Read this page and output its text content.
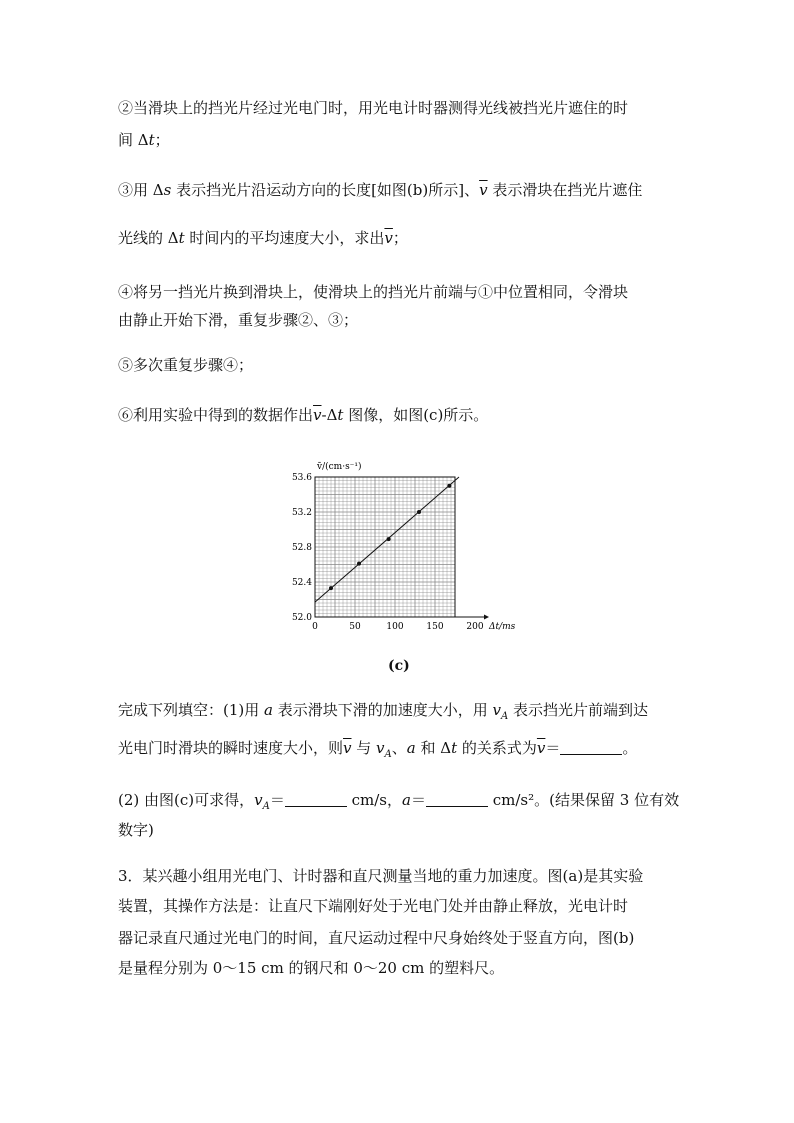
②当滑块上的挡光片经过光电门时，用光电计时器测得光线被挡光片遮住的时
间 Δt；
③用 Δs 表示挡光片沿运动方向的长度[如图(b)所示]、$\overline{v}$ 表示滑块在挡光片遮住
光线的 Δt 时间内的平均速度大小，求出$\overline{v}$；
④将另一挡光片换到滑块上，使滑块上的挡光片前端与①中位置相同，令滑块
由静止开始下滑，重复步骤②、③；
⑤多次重复步骤④；
⑥利用实验中得到的数据作出$\overline{v}-\Delta t$ 图像，如图(c)所示。
0	50	100	150	200
52.0
52.4
52.8
53.2
53.6
v̄/(cm·s⁻¹)
Δt/ms
(c)
完成下列填空：(1)用 a 表示滑块下滑的加速度大小，用 $v_A$ 表示挡光片前端到达
光电门时滑块的瞬时速度大小，则$\overline{v}$ 与 $v_A$、a 和 Δt 的关系式为$\overline{v}=$	。
(2) 由图(c)可求得，$v_A=$	cm/s，a＝	cm/s²。(结果保留 3 位有效
数字)
3．某兴趣小组用光电门、计时器和直尺测量当地的重力加速度。图(a)是其实验
装置，其操作方法是：让直尺下端刚好处于光电门处并由静止释放，光电计时
器记录直尺通过光电门的时间，直尺运动过程中尺身始终处于竖直方向，图(b)
是量程分别为 0～15 cm 的钢尺和 0～20 cm 的塑料尺。
